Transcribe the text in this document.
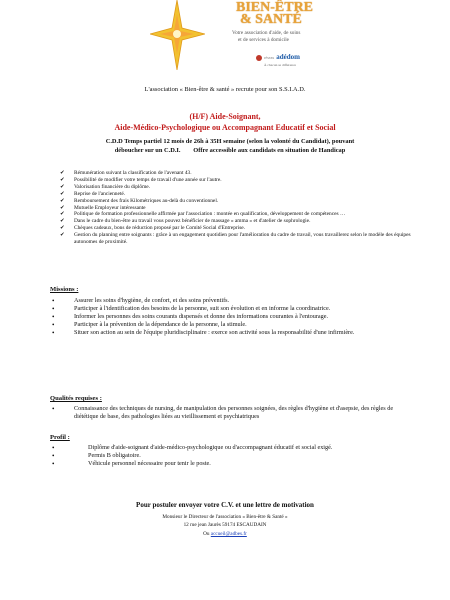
BIEN-ÊTRE
& SANTÉ
Votre association d'aide, de soins
et de services à domicile
réseau adédom
À chacun sa différence
L'association « Bien-être & santé » recrute pour son S.S.I.A.D.
(H/F) Aide-Soignant,
Aide-Médico-Psychologique ou Accompagnant Educatif et Social
C.D.D Temps partiel 12 mois de 26h à 35H semaine (selon la volonté du Candidat), pouvant
déboucher sur un C.D.I.        Offre accessible aux candidats en situation de Handicap
✔ Rémunération suivant la classification de l'avenant 43.
✔ Possibilité de modifier votre temps de travail d'une année sur l'autre.
✔ Valorisation financière du diplôme.
✔ Reprise de l'ancienneté.
✔ Remboursement des frais Kilométriques au-delà du conventionnel.
✔ Mutuelle Employeur intéressante
✔ Politique de formation professionnelle affirmée par l'association : montée en qualification, développement de compétences …
✔ Dans le cadre du bien-être au travail vous pouvez bénéficier de massage « amma » et d'atelier de sophrologie.
✔ Chèques cadeaux, bons de réduction proposé par le Comité Social d'Entreprise.
✔ Gestion du planning entre soignants : grâce à un engagement quotidien pour l'amélioration du cadre de travail, vous travaillerez selon le modèle des équipes autonomes de proximité.
Missions :
•	Assurer les soins d'hygiène, de confort, et des soins préventifs.
•	Participer à l'identification des besoins de la personne, suit son évolution et en informe la coordinatrice.
•	Informer les personnes des soins courants dispensés et donne des informations courantes à l'entourage.
•	Participer à la prévention de la dépendance de la personne, la stimule.
•	Situer son action au sein de l'équipe pluridisciplinaire : exerce son activité sous la responsabilité d'une infirmière.
Qualités requises :
•	Connaissance des techniques de nursing, de manipulation des personnes soignées, des règles d'hygiène et d'asepsie, des règles de diététique de base, des pathologies liées au vieillissement et psychiatriques
Profil :
•	Diplôme d'aide-soignant d'aide-médico-psychologique ou d'accompagnant éducatif et social exigé.
•	Permis B obligatoire.
•	Véhicule personnel nécessaire pour tenir le poste.
Pour postuler envoyer votre C.V. et une lettre de motivation
Monsieur le Directeur de l'association « Bien-être & Santé »
12 rue jean Jaurès 59174 ESCAUDAIN
Ou accueil@adbes.fr
